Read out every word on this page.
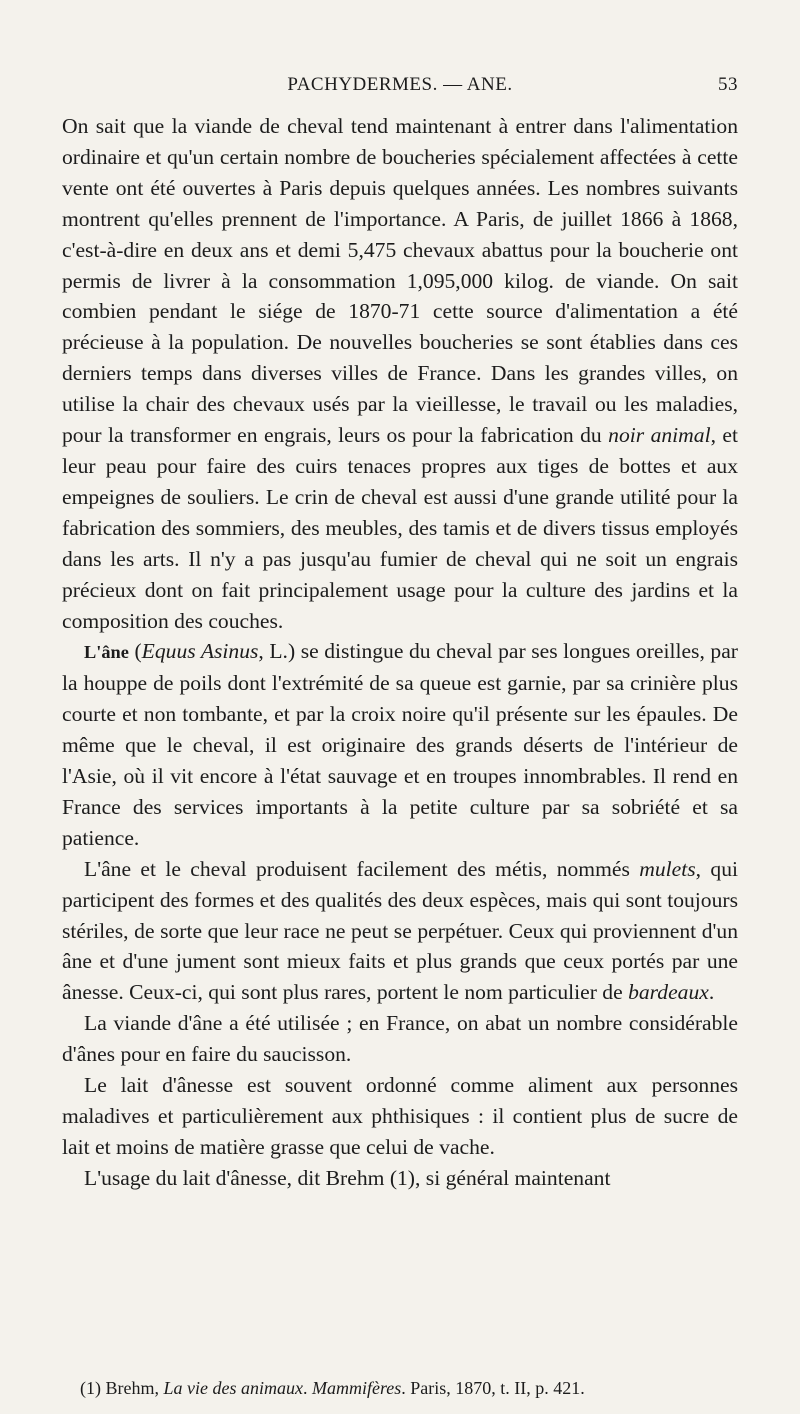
PACHYDERMES. — ANE.	53

On sait que la viande de cheval tend maintenant à entrer dans l'alimentation ordinaire et qu'un certain nombre de boucheries spécialement affectées à cette vente ont été ouvertes à Paris depuis quelques années. Les nombres suivants montrent qu'elles prennent de l'importance. A Paris, de juillet 1866 à 1868, c'est-à-dire en deux ans et demi 5,475 chevaux abattus pour la boucherie ont permis de livrer à la consommation 1,095,000 kilog. de viande. On sait combien pendant le siége de 1870-71 cette source d'alimentation a été précieuse à la population. De nouvelles boucheries se sont établies dans ces derniers temps dans diverses villes de France. Dans les grandes villes, on utilise la chair des chevaux usés par la vieillesse, le travail ou les maladies, pour la transformer en engrais, leurs os pour la fabrication du noir animal, et leur peau pour faire des cuirs tenaces propres aux tiges de bottes et aux empeignes de souliers. Le crin de cheval est aussi d'une grande utilité pour la fabrication des sommiers, des meubles, des tamis et de divers tissus employés dans les arts. Il n'y a pas jusqu'au fumier de cheval qui ne soit un engrais précieux dont on fait principalement usage pour la culture des jardins et la composition des couches.

L'âne (Equus Asinus, L.) se distingue du cheval par ses longues oreilles, par la houppe de poils dont l'extrémité de sa queue est garnie, par sa crinière plus courte et non tombante, et par la croix noire qu'il présente sur les épaules. De même que le cheval, il est originaire des grands déserts de l'intérieur de l'Asie, où il vit encore à l'état sauvage et en troupes innombrables. Il rend en France des services importants à la petite culture par sa sobriété et sa patience.

L'âne et le cheval produisent facilement des métis, nommés mulets, qui participent des formes et des qualités des deux espèces, mais qui sont toujours stériles, de sorte que leur race ne peut se perpétuer. Ceux qui proviennent d'un âne et d'une jument sont mieux faits et plus grands que ceux portés par une ânesse. Ceux-ci, qui sont plus rares, portent le nom particulier de bardeaux.

La viande d'âne a été utilisée ; en France, on abat un nombre considérable d'ânes pour en faire du saucisson.

Le lait d'ânesse est souvent ordonné comme aliment aux personnes maladives et particulièrement aux phthisiques : il contient plus de sucre de lait et moins de matière grasse que celui de vache.

L'usage du lait d'ânesse, dit Brehm (1), si général maintenant

(1) Brehm, La vie des animaux. Mammifères. Paris, 1870, t. II, p. 421.
